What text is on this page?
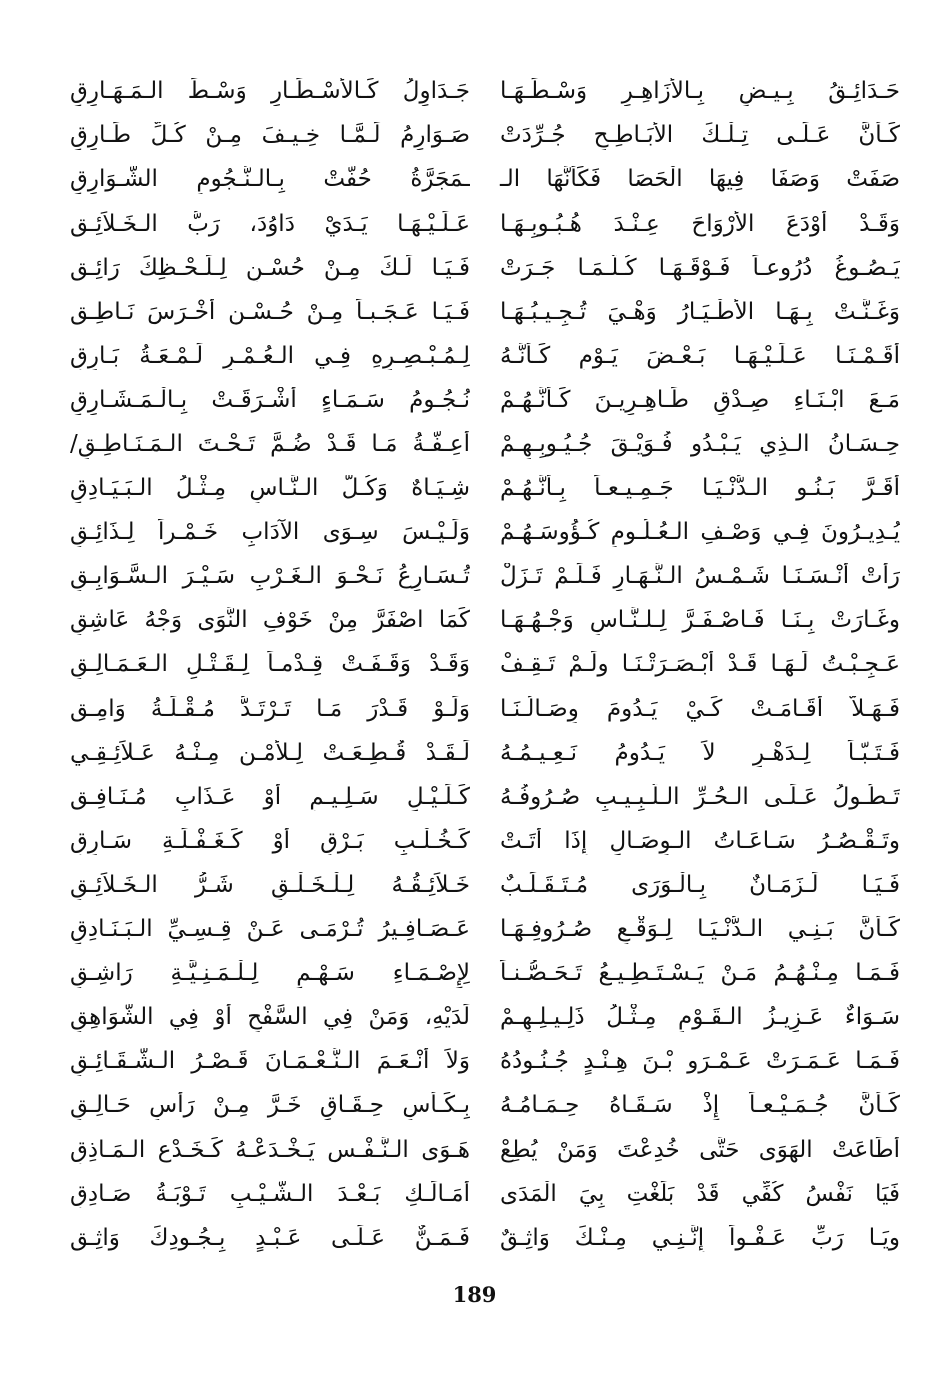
حَـدَائِـقُ بِـيـضٍ بِـالأَزَاهِـرِ وَسْـطَـهَـا
جَـدَاوِلُ كَـالأَسْـطَـارِ وَسْـطَ الـمَـهَـارِقِ
كَـأَنَّ عَـلَـى تِـلْـكَ الأَبَـاطِـحِ جُـرِّدَتْ
صَـوَارِمُ لَـمَّـا خِـيـفَ مِـنْ كُـلِّ طَـارِقِ
صَفَتْ وَصَفَا فِيهَا الْحَصَا فَكَأَنَّهَا الـ
ـمَجَرَّةُ حُفَّتْ بِـالـنُّـجُومِ الشَّـوَارِقِ
وَقَـدْ أَوْدَعَ الأَرْوَاحَ عِـنْـدَ هُـبُـوبِـهَـا
عَـلَـيْـهَـا يَـدَيْ دَاوُدَ، رَبُّ الـخَـلاَئِـقِ
يَـصُـوغُ دُرُوعـاً فَـوْقَـهَـا كُـلَّـمَـا جَـرَتْ
فَـيَـا لَـكَ مِـنْ حُسْـنٍ لِـلَـحْـظِكَ رَائِـقِ
وَغَـنَّـتْ بِـهَـا الأَطْـيَـارُ وَهْـيَ تُـجِـيـبُـهَـا
فَـيَـا عَـجَـبـاً مِـنْ حُـسْـنِ أَخْـرَسَ نَـاطِـقِ
أَقَـمْـنَـا عَـلَـيْـهَـا بَـعْـضَ يَـوْمٍ كَـأَنَّـهُ
لِـمُـبْـصِـرِهِ فِـي الـعُـمْـرِ لَـمْـعَـةُ بَـارِقِ
مَـعَ ابْـنَـاءِ صِـدْقٍ طَـاهِـرِيـنَ كَـأَنَّـهُـمْ
نُـجُـومُ سَـمَـاءٍ أَشْـرَقَـتْ بِـالْـمَـشَـارِقِ
حِـسَـانُ الـذِي يَـبْـدُو فُـوَيْـقَ جُـيُـوبِـهِـمْ
أَعِـفَّـةُ مَـا قَـدْ ضُـمَّ تَـحْـتَ الـمَـنَـاطِـقِ/
أَقَـرَّ بَـنُـو الـدُّنْـيَـا جَـمِـيـعـاً بِـأَنَّـهُـمْ
شِـيَـاهٌ وَكُـلُّ الـنَّـاسِ مِـثْـلُ الـبَـيَـادِقِ
يُـدِيـرُونَ فِـي وَصْـفِ الـعُـلُـومِ كُـؤُوسَـهُـمْ
وَلَـيْـسَ سِـوَى الآدَابِ خَـمْـراً لِـذَائِـقِ
رَأَتْ أُنْـسَـنَـا شَـمْـسُ الـنَّـهَـارِ فَـلَـمْ تَـزَلْ
تُـسَـارِعُ نَـحْـوَ الـغَـرْبِ سَـيْـرَ الـسَّـوَابِـقِ
وغَـارَتْ بِـنَـا فَـاصْـفَـرَّ لِـلـنَّـاسِ وَجْـهُـهَـا
كَمَا اصْفَرَّ مِنْ خَوْفِ النَّوَى وَجْهُ عَاشِقِ
عَـجِـبْـتُ لَـهَـا قَـدْ أَبْـصَـرَتْـنَـا ولَـمْ تَـقِـفْ
وَقَـدْ وَقَـفَـتْ قِـدْمـاً لِـقَـتْـلِ الـعَـمَـالِـقِ
فَـهَـلاَّ أَقَـامَـتْ كَـيْ يَـدُومَ وِصَـالُـنَـا
وَلَـوْ قَـدْرَ مَـا تَـرْتَـدُّ مُـقْـلَـةُ وَامِـقِ
فَـتَـبّـاً لِـدَهْـرٍ لاَ يَـدُومُ نَـعِـيـمُـهُ
لَـقَـدْ قُـطِـعَـتْ لِـلأَمْـنِ مِـنْـهُ عَـلاَئِـقِـي
تَـطُـولُ عَـلَـى الـحُـرِّ الـلَّـبِـيـبِ صُـرُوفُـهُ
كَـلَـيْـلِ سَـلِـيـمٍ أَوْ عَـذَابِ مُـنَـافِـقِ
وتَـقْـصُـرُ سَـاعَـاتُ الـوِصَـالِ إِذَا أَتَـتْ
كَـخُـلْـبِ بَـرْقٍ أَوْ كَـغَـفْـلَـةِ سَـارِقِ
فَـيَـا لَـزَمَـانٌ بِـالْـوَرَى مُـتَـقَـلِّـبٌ
خَـلاَئِـقُـهُ لِـلْـخَـلْـقِ شَـرُّ الـخَـلاَئِـقِ
كَـأَنَّ بَـنِـي الـدُّنْـيَـا لِـوَقْـعِ صُـرُوفِـهَـا
عَـصَـافِـيرُ تُـرْمَـى عَـنْ قِـسِـيِّ الـبَـنَـادِقِ
فَـمَـا مِـنْـهُـمُ مَـنْ يَـسْـتَـطِـيـعُ تَـحَـصُّـنـاً
لِإِصْـمَـاءِ سَـهْـمٍ لِـلْـمَـنِـيَّـةِ رَاشِـقِ
سَـوَاءٌ عَـزِيـزُ الـقَـوْمِ مِـثْـلُ ذَلِـيـلِـهِـمْ
لَدَيْهِ، وَمَنْ فِي السَّفْحِ أَوْ فِي الشَّوَاهِقِ
فَـمَـا عَـمَـرَتْ عَـمْـرَو بْـنَ هِـنْـدٍ جُـنُـودُهُ
وَلاَ أَنْـعَـمَ الـنُّـعْـمَـانَ قَـصْـرُ الـشَّـقَـائِـقِ
كَـأَنَّ جُـمَـيْـعـاً إِذْ سَـقَـاهُ حِـمَـامُـهُ
بِـكَـأْسِ حِـقَـاقٍ خَـرَّ مِـنْ رَأْسِ حَـالِـقِ
أَطَاعَتْ الهَوَى حَتَّى خُدِعْتَ وَمَنْ يُطِعْ
هَـوَى الـنَّـفْـسِ يَـخْـدَعْـهُ كَـخَـدْعِ الـمَـاذِقِ
فَيَا نَفْسُ كُفِّي قَدْ بَلَغْتِ بِيَ الْمَدَى
أَمَـالَـكِ بَـعْـدَ الـشَّـيْـبِ تَـوْبَـةُ صَـادِقِ
ويَـا رَبِّ عَـفْـواً إِنَّـنِـي مِـنْـكَ وَاثِـقٌ
فَـمَـنٌّ عَـلَـى عَـبْـدٍ بِـجُـودِكَ وَاثِـقِ
189
